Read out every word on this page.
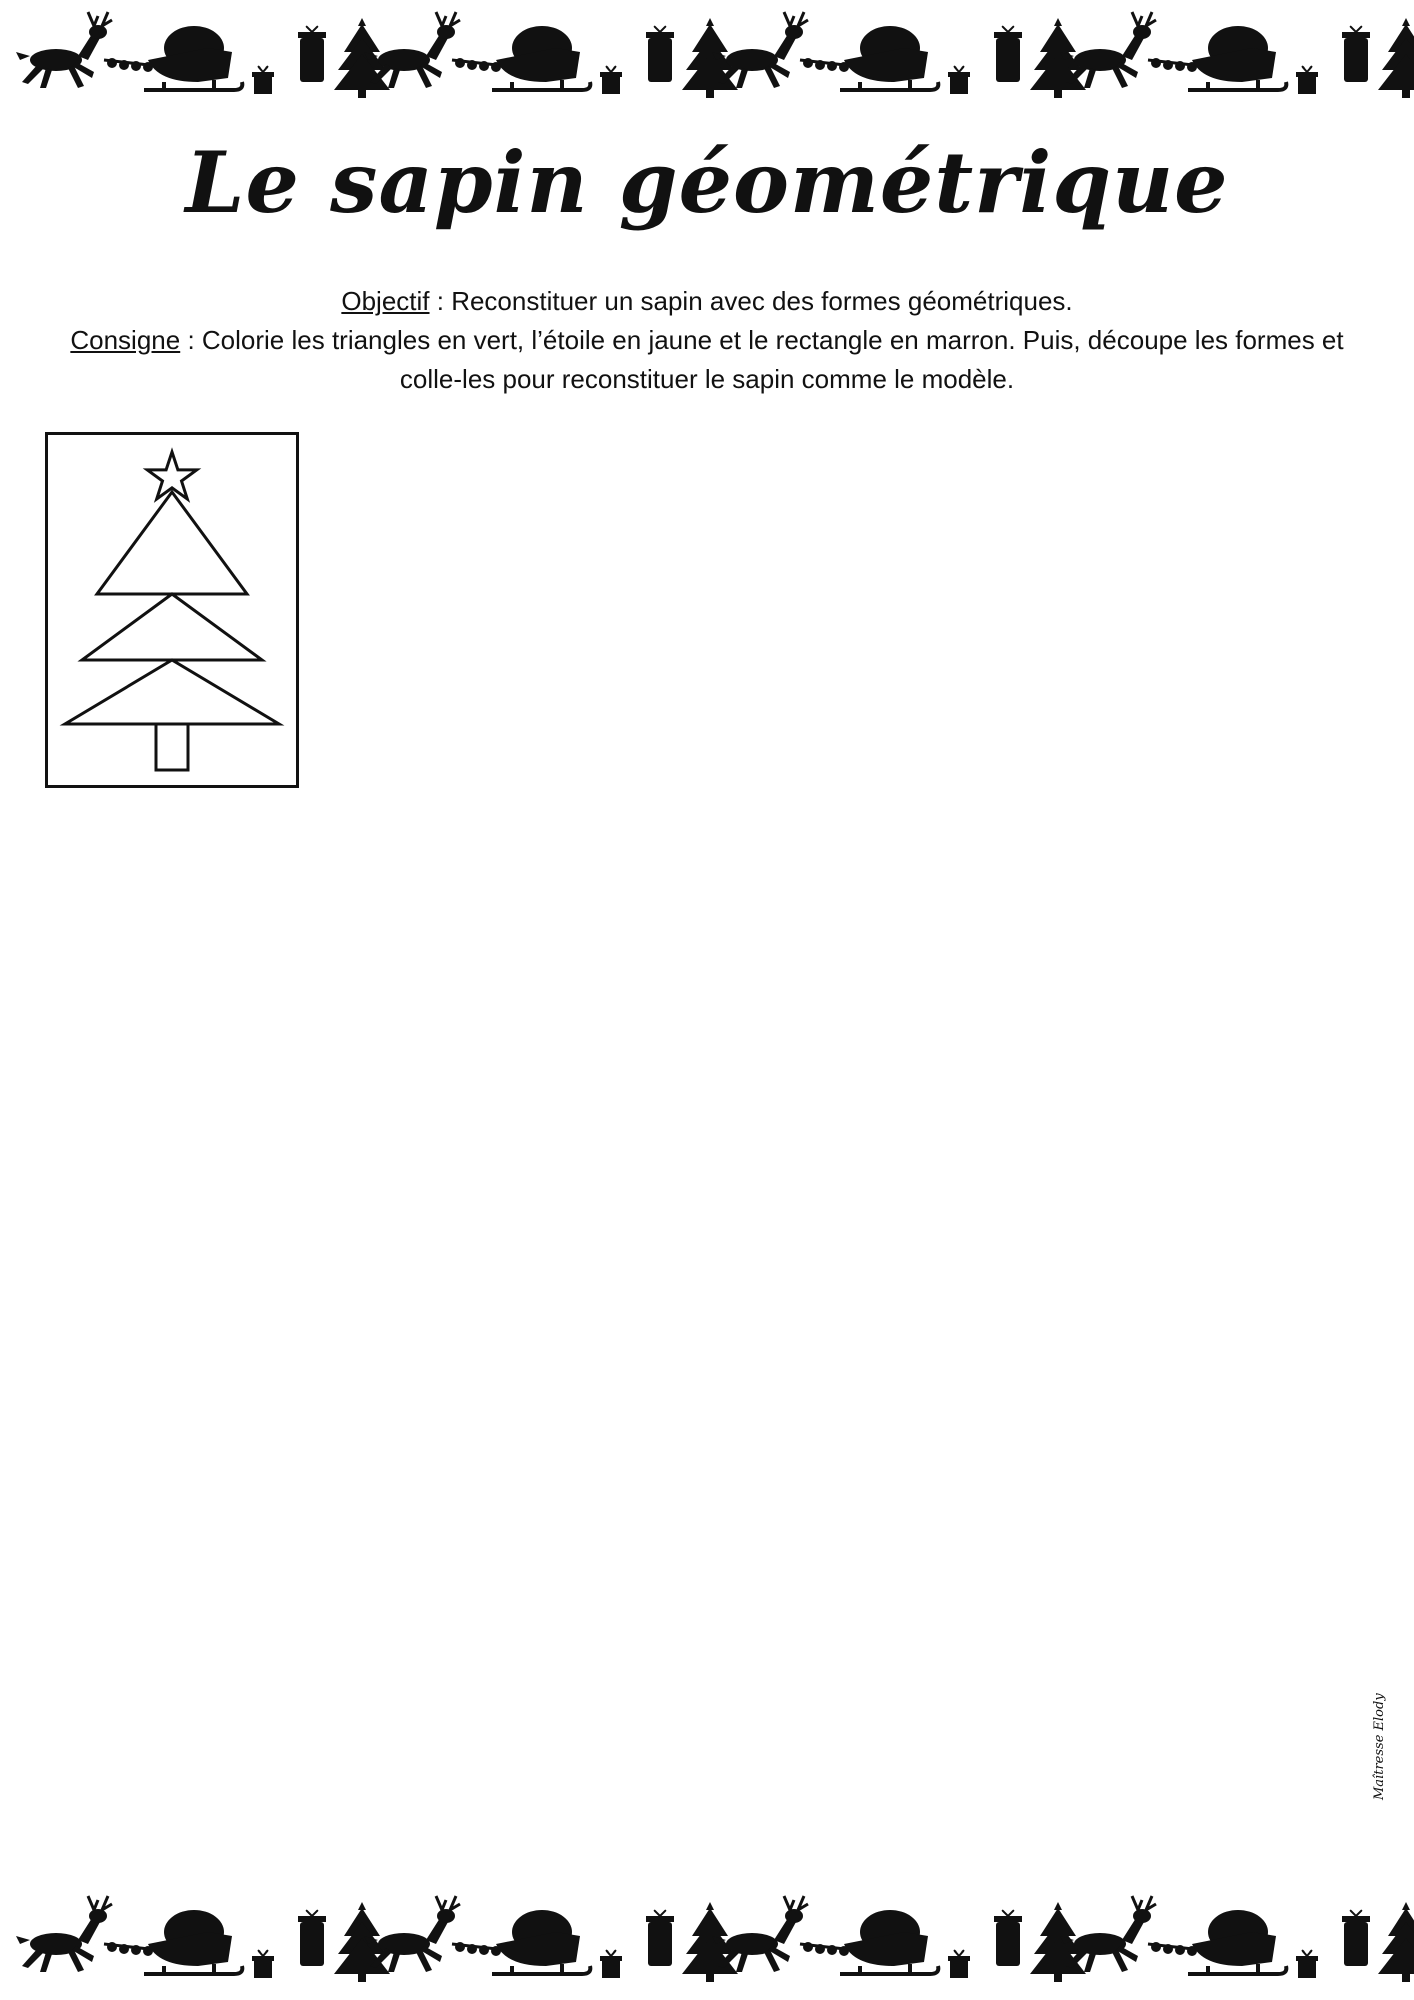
Le sapin géométrique
Objectif : Reconstituer un sapin avec des formes géométriques.
Consigne : Colorie les triangles en vert, l’étoile en jaune et le rectangle en marron. Puis, découpe les formes et colle-les pour reconstituer le sapin comme le modèle.
Maîtresse Elody
